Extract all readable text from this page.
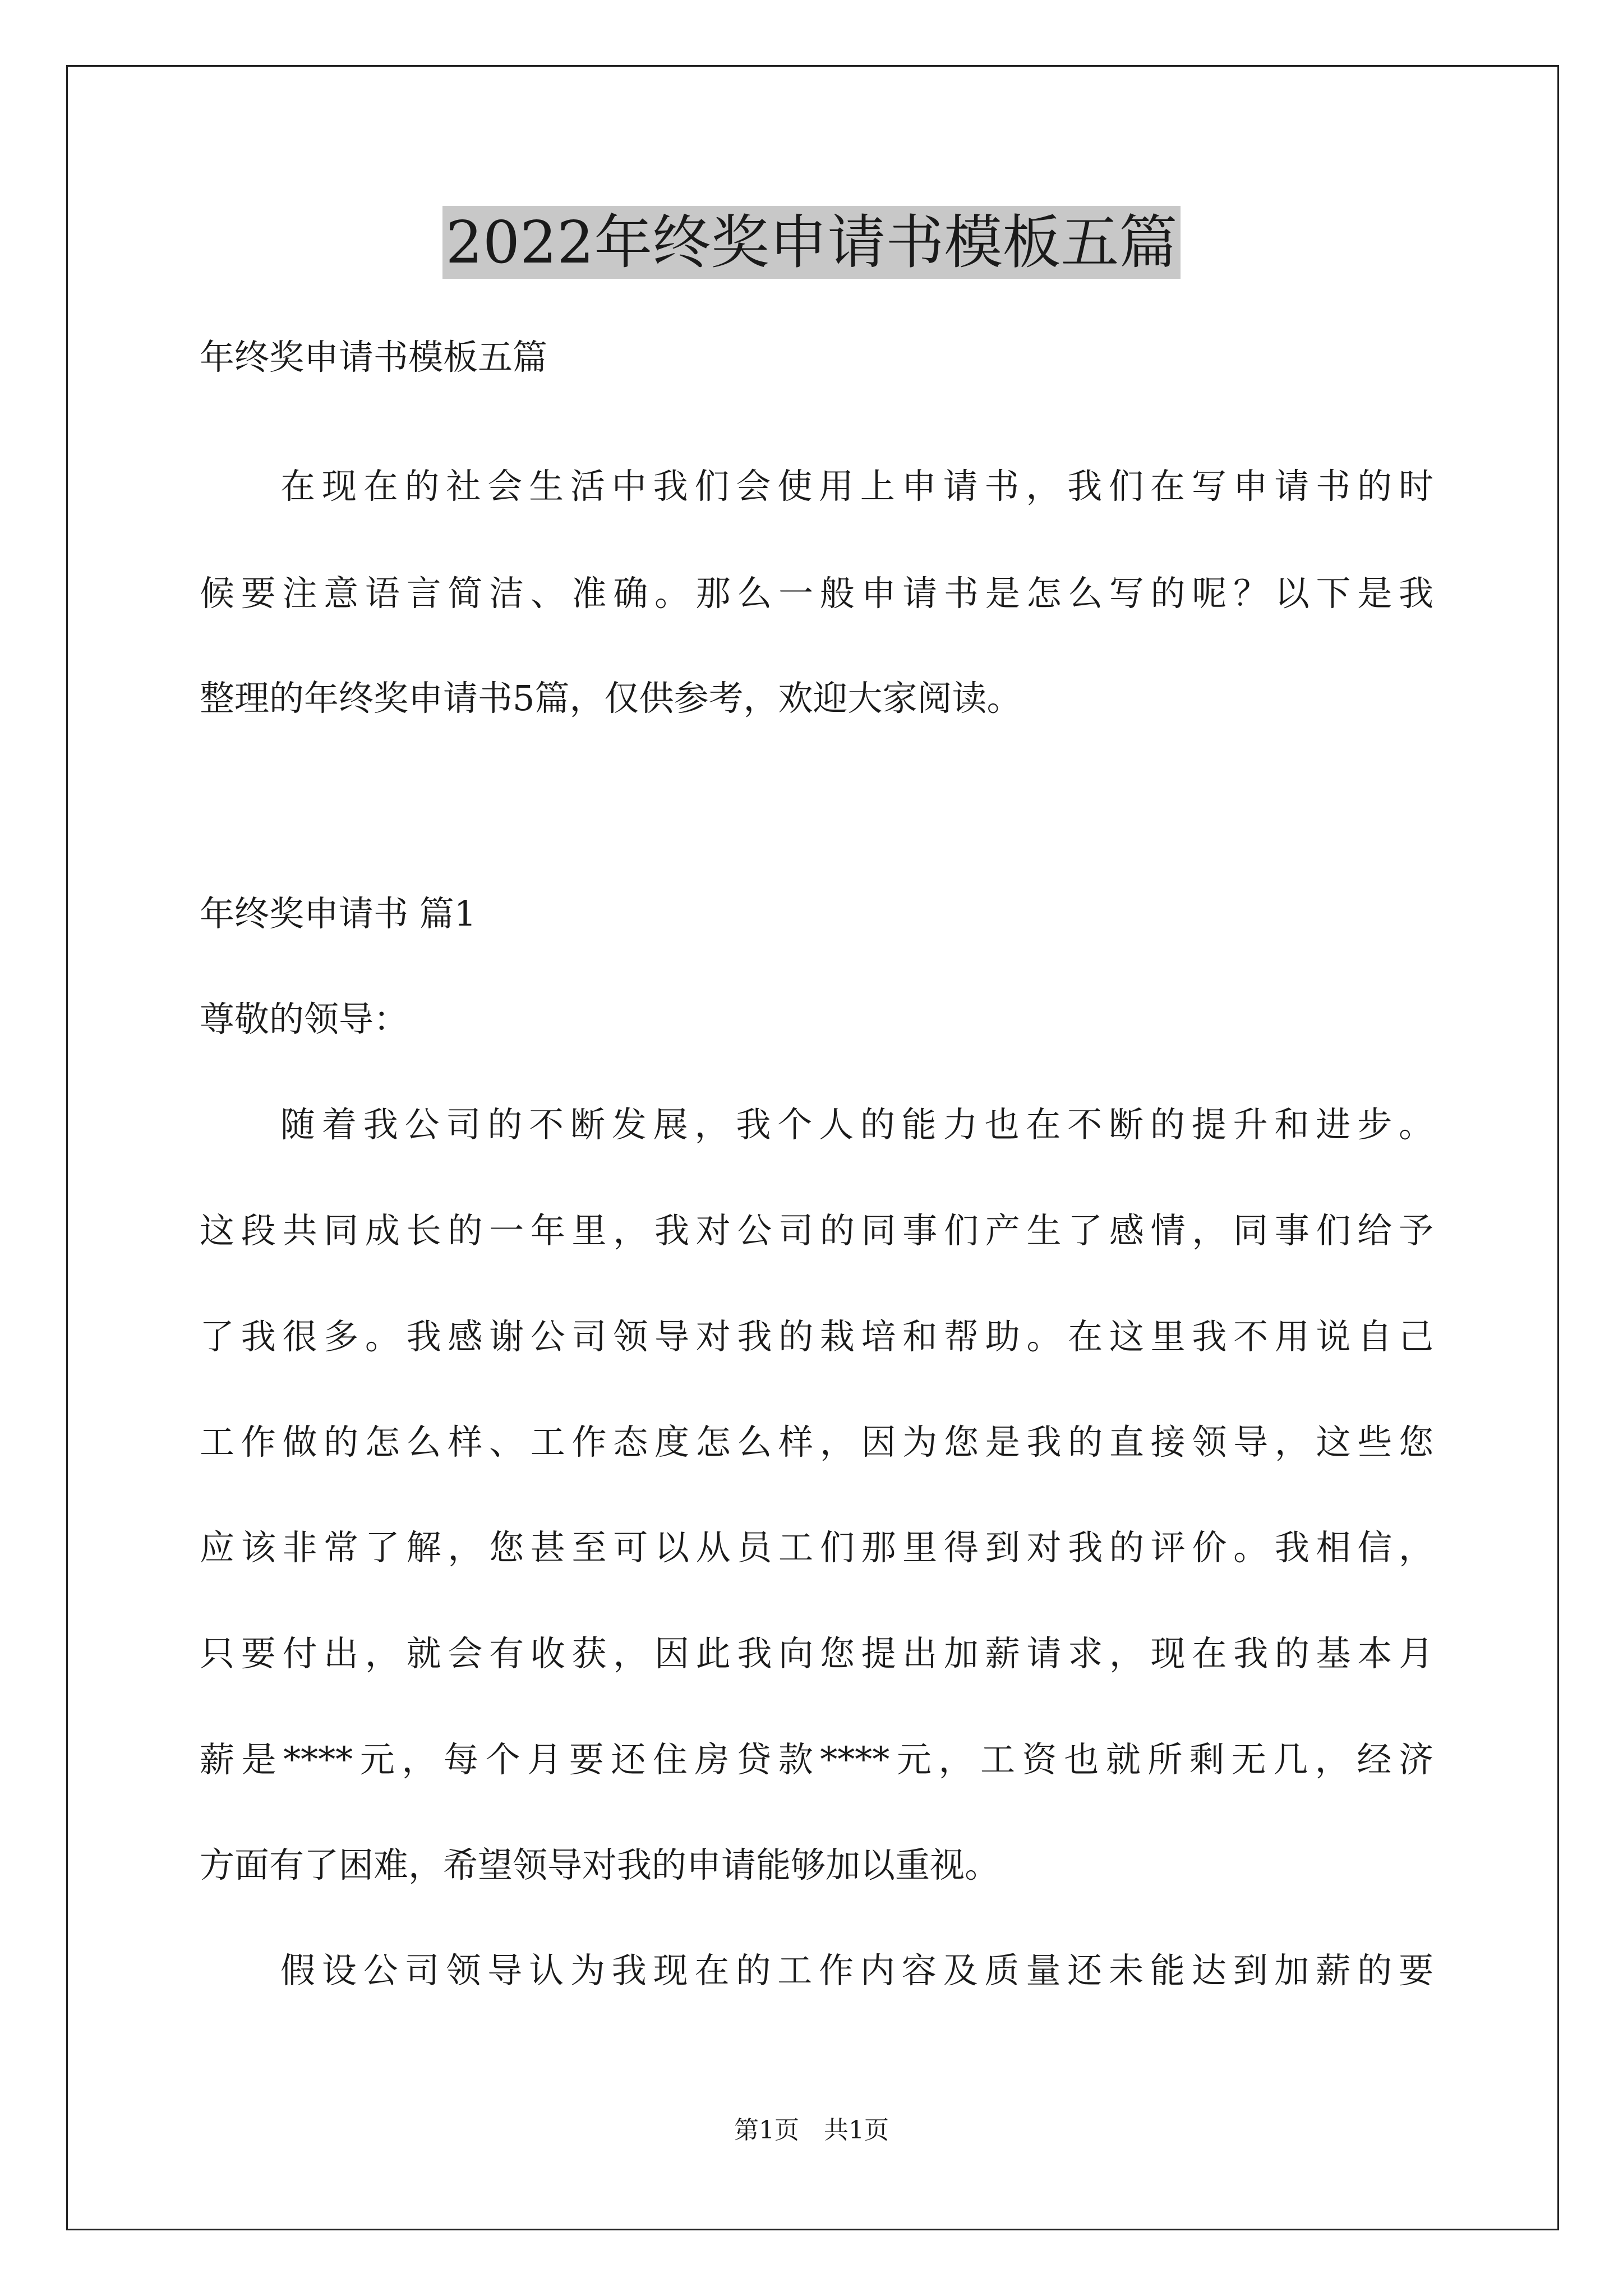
2022年终奖申请书模板五篇

年终奖申请书模板五篇

在现在的社会生活中我们会使用上申请书，我们在写申请书的时

候要注意语言简洁、准确。那么一般申请书是怎么写的呢？以下是我

整理的年终奖申请书5篇，仅供参考，欢迎大家阅读。

年终奖申请书 篇1

尊敬的领导：

随着我公司的不断发展，我个人的能力也在不断的提升和进步。

这段共同成长的一年里，我对公司的同事们产生了感情，同事们给予

了我很多。我感谢公司领导对我的栽培和帮助。在这里我不用说自己

工作做的怎么样、工作态度怎么样，因为您是我的直接领导，这些您

应该非常了解，您甚至可以从员工们那里得到对我的评价。我相信，

只要付出，就会有收获，因此我向您提出加薪请求，现在我的基本月

薪是****元，每个月要还住房贷款****元，工资也就所剩无几，经济

方面有了困难，希望领导对我的申请能够加以重视。

假设公司领导认为我现在的工作内容及质量还未能达到加薪的要

第1页　共1页
